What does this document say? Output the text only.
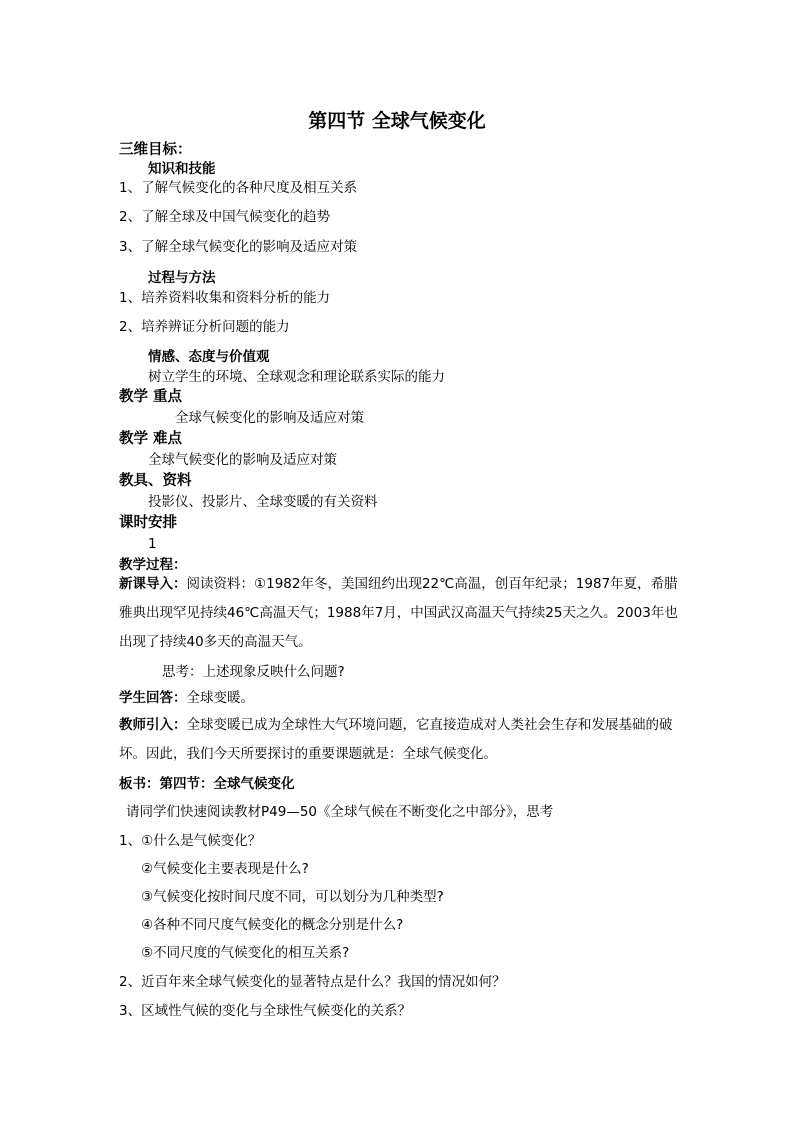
第四节 全球气候变化
三维目标：
知识和技能
1、了解气候变化的各种尺度及相互关系
2、了解全球及中国气候变化的趋势
3、了解全球气候变化的影响及适应对策
过程与方法
1、培养资料收集和资料分析的能力
2、培养辨证分析问题的能力
情感、态度与价值观
树立学生的环境、全球观念和理论联系实际的能力
教学 重点
全球气候变化的影响及适应对策
教学 难点
全球气候变化的影响及适应对策
教具、资料
投影仪、投影片、全球变暖的有关资料
课时安排
1
教学过程：
新课导入：阅读资料：①1982年冬，美国纽约出现22℃高温，创百年纪录；1987年夏，希腊雅典出现罕见持续46℃高温天气；1988年7月，中国武汉高温天气持续25天之久。2003年也出现了持续40多天的高温天气。
思考：上述现象反映什么问题?
学生回答：全球变暖。
教师引入：全球变暖已成为全球性大气环境问题，它直接造成对人类社会生存和发展基础的破坏。因此，我们今天所要探讨的重要课题就是：全球气候变化。
板书：第四节：全球气候变化
请同学们快速阅读教材P49—50《全球气候在不断变化之中部分》，思考
1、①什么是气候变化？
②气候变化主要表现是什么?
③气候变化按时间尺度不同，可以划分为几种类型?
④各种不同尺度气候变化的概念分别是什么?
⑤不同尺度的气候变化的相互关系?
2、近百年来全球气候变化的显著特点是什么？我国的情况如何？
3、区域性气候的变化与全球性气候变化的关系？
